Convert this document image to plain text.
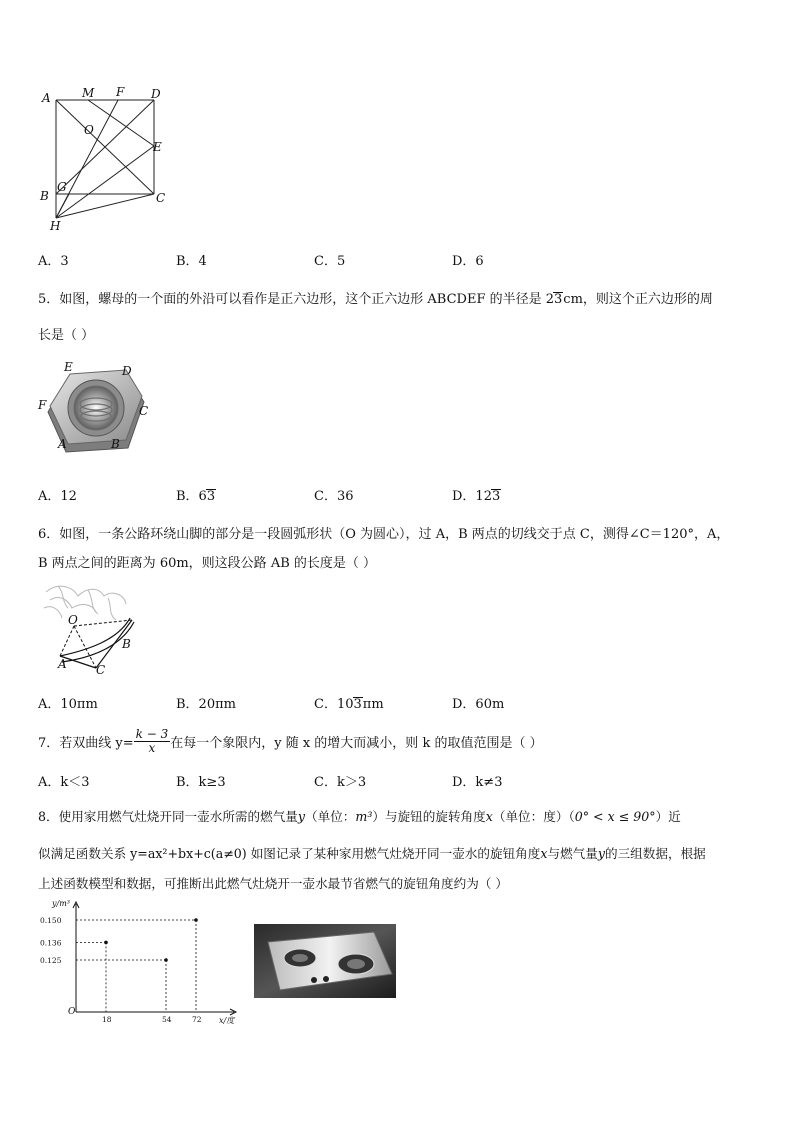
A	M F D
O
E
B
G
C
H
A．3	B．4	C．5	D．6
5．如图，螺母的一个面的外沿可以看作是正六边形，这个正六边形 ABCDEF 的半径是 23cm，则这个正六边形的周
长是（ ）
E	D
F	C
A	B
A．12	B．63	C．36	D．123
6．如图，一条公路环绕山脚的部分是一段圆弧形状（O 为圆心），过 A，B 两点的切线交于点 C，测得∠C＝120°，A，
B 两点之间的距离为 60m，则这段公路 AB 的长度是（ ）
O
A
B
C
A．10πm	B．20πm	C．103πm	D．60m
7．若双曲线 $y= \frac{k - 3}{x}$ 在每一个象限内，y 随 x 的增大而减小，则 k 的取值范围是（ ）
A．k＜3	B．k≥3	C．k＞3	D．k≠3
8．使用家用燃气灶烧开同一壶水所需的燃气量y（单位：m³）与旋钮的旋转角度x（单位：度）（0° < x ≤ 90°）近
似满足函数关系 y=ax²+bx+c(a≠0) 如图记录了某种家用燃气灶烧开同一壶水的旋钮角度x与燃气量y的三组数据，根据
上述函数模型和数据，可推断出此燃气灶烧开一壶水最节省燃气的旋钮角度约为（ ）
y/m³
x/度
O
0.150
0.136
0.125
18	54	72
